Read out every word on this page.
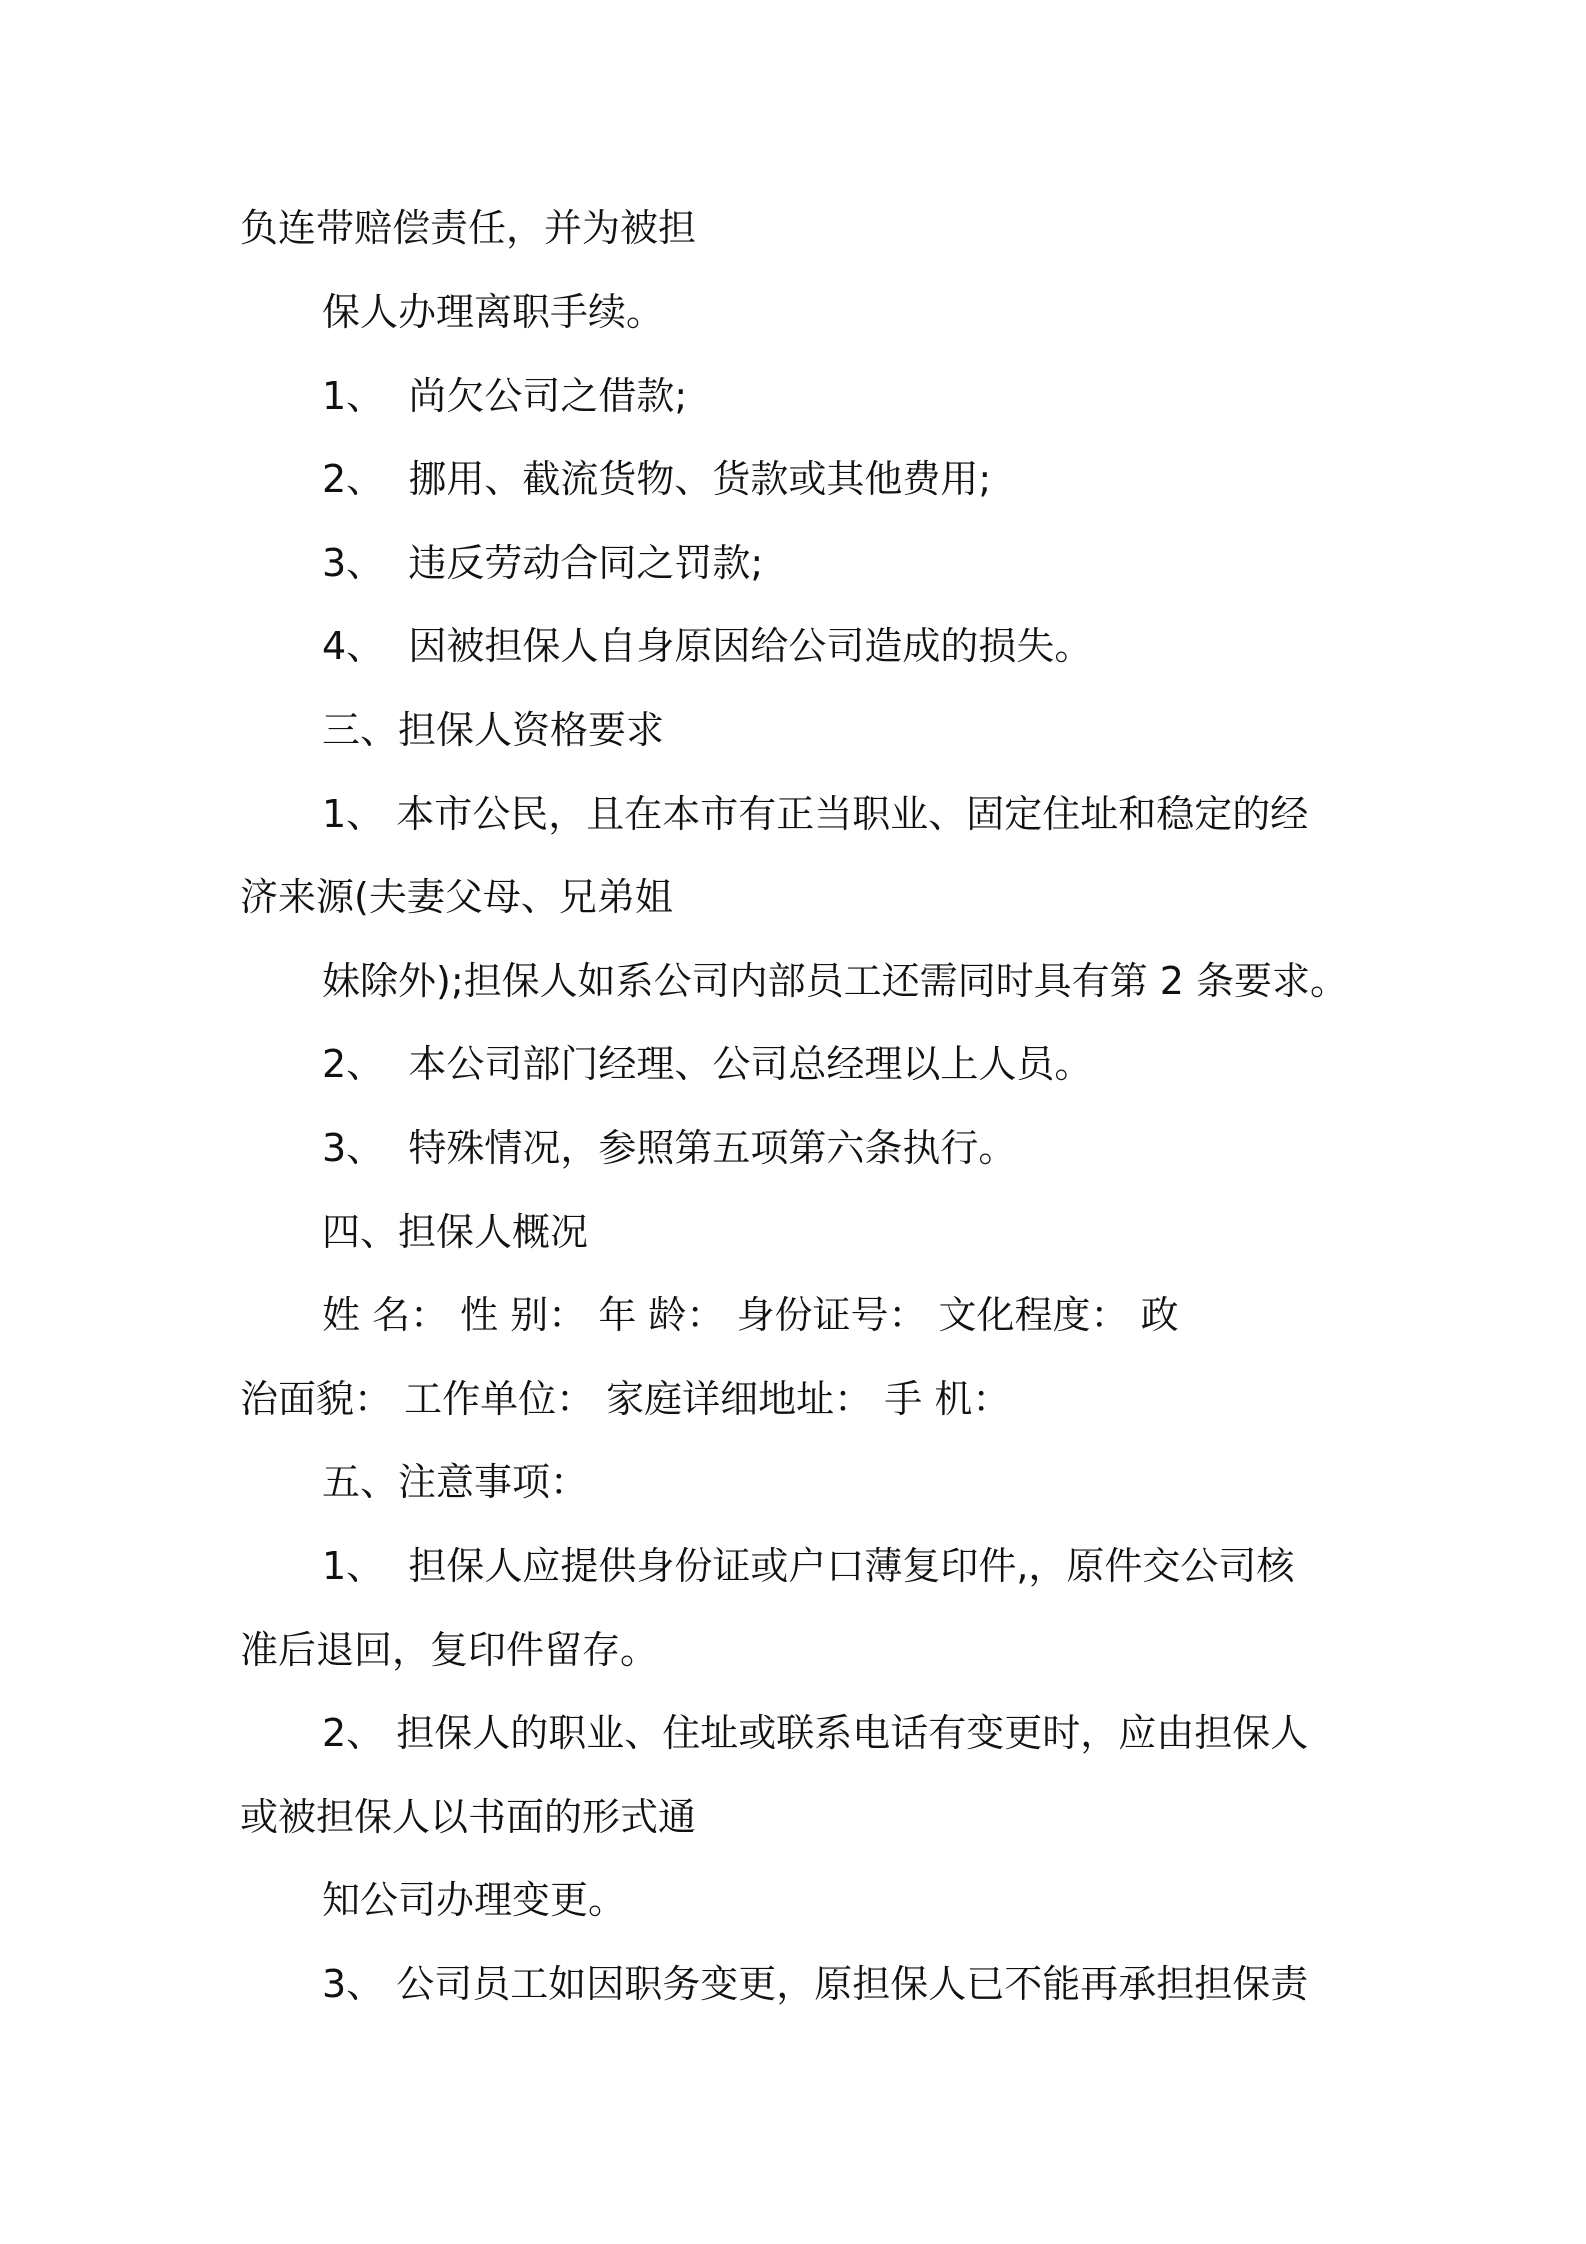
负连带赔偿责任，并为被担

保人办理离职手续。

1、  尚欠公司之借款;

2、  挪用、截流货物、货款或其他费用;

3、  违反劳动合同之罚款;

4、  因被担保人自身原因给公司造成的损失。

三、担保人资格要求

1、 本市公民，且在本市有正当职业、固定住址和稳定的经

济来源(夫妻父母、兄弟姐

妹除外);担保人如系公司内部员工还需同时具有第 2 条要求。

2、  本公司部门经理、公司总经理以上人员。

3、  特殊情况，参照第五项第六条执行。

四、担保人概况

姓 名： 性 别： 年 龄： 身份证号： 文化程度： 政

治面貌： 工作单位： 家庭详细地址： 手 机：

五、注意事项：

1、  担保人应提供身份证或户口薄复印件,，原件交公司核

准后退回，复印件留存。

2、 担保人的职业、住址或联系电话有变更时，应由担保人

或被担保人以书面的形式通

知公司办理变更。

3、 公司员工如因职务变更，原担保人已不能再承担担保责
